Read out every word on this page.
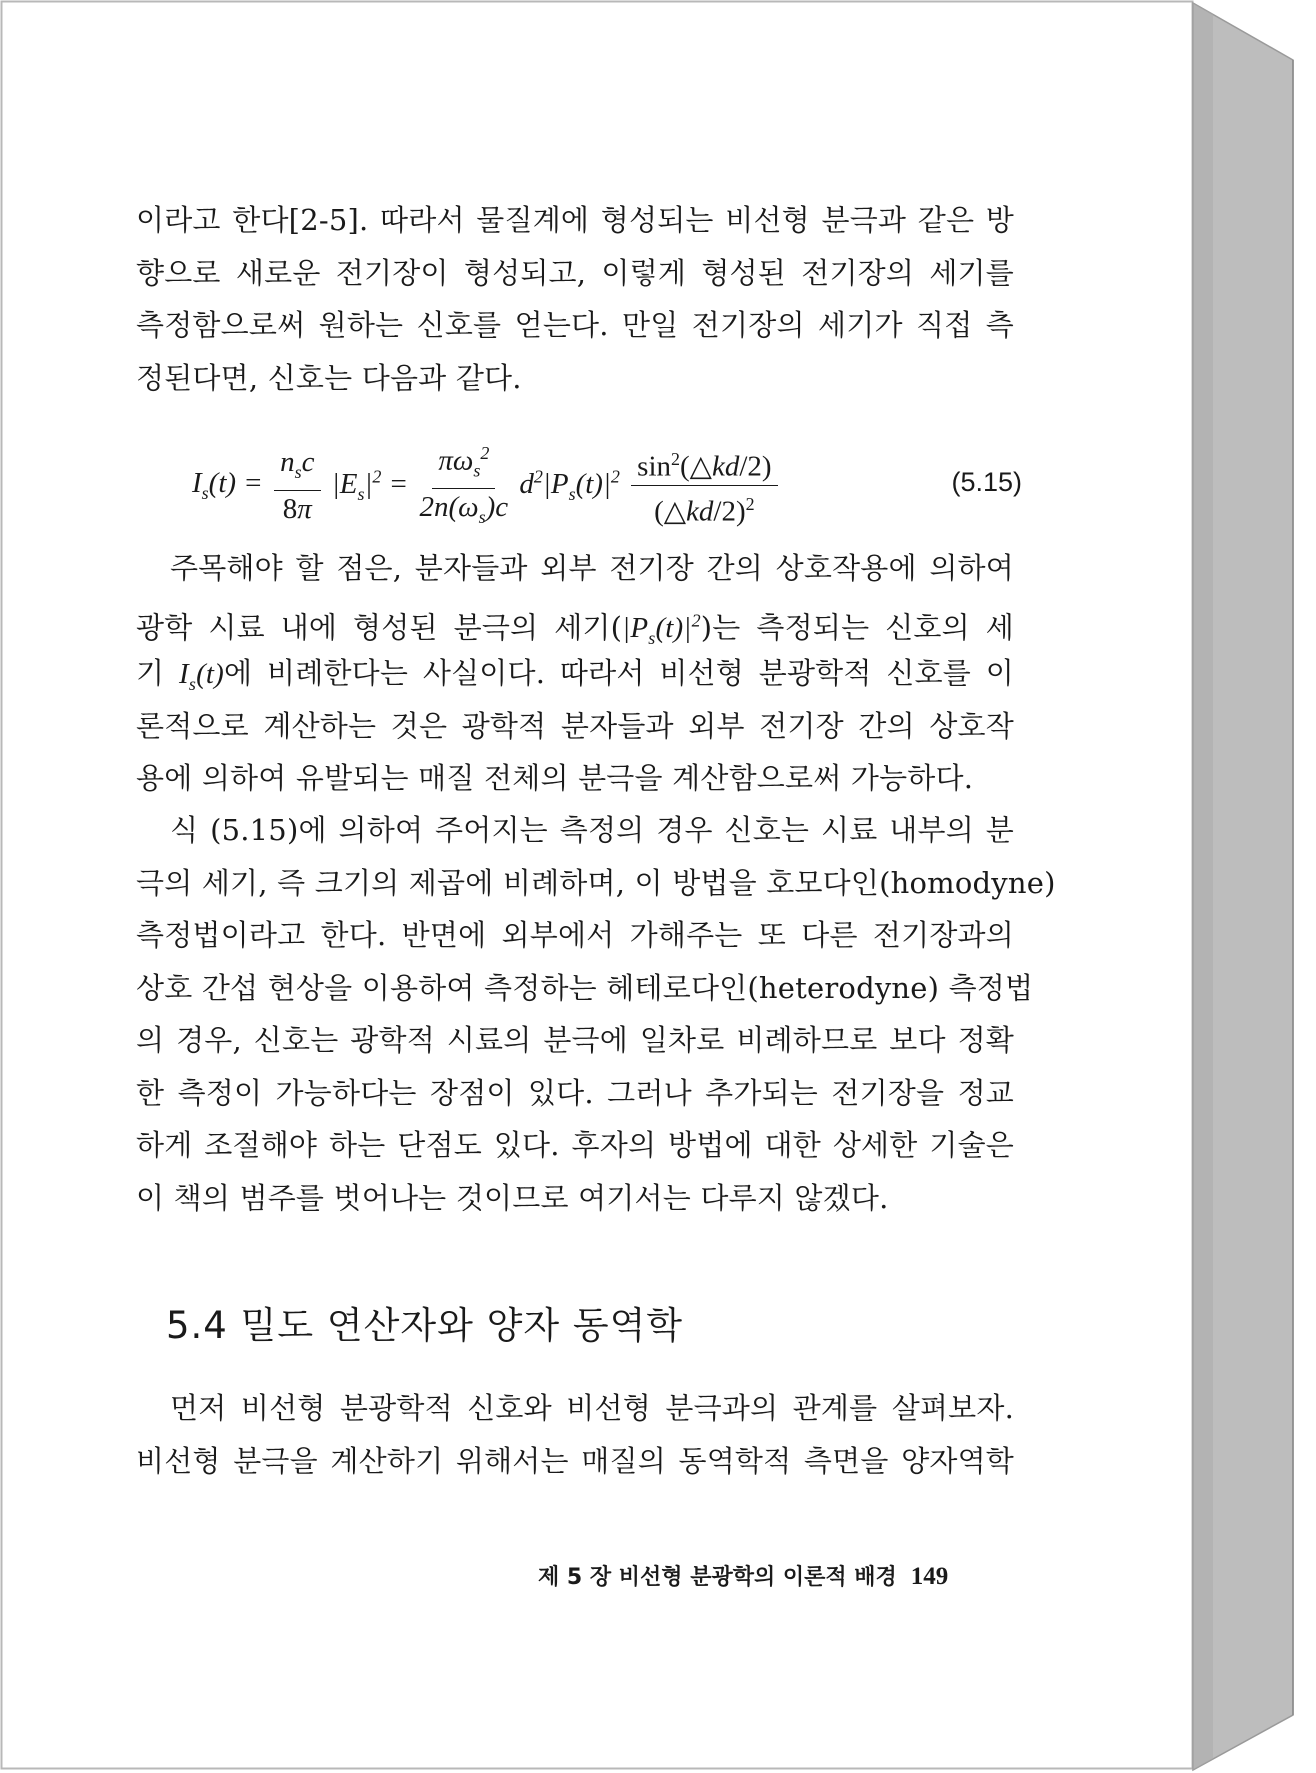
이라고 한다[2-5]. 따라서 물질계에 형성되는 비선형 분극과 같은 방
향으로 새로운 전기장이 형성되고, 이렇게 형성된 전기장의 세기를
측정함으로써 원하는 신호를 얻는다. 만일 전기장의 세기가 직접 측
정된다면, 신호는 다음과 같다.
$I_s(t) = \frac{n_sc}{8\pi} |E_s|^2 = \frac{\pi\omega_s^2}{2n(\omega_s)c} d^2|P_s(t)|^2 \frac{\sin^2(\triangle kd/2)}{(\triangle kd/2)^2}$	(5.15)
주목해야 할 점은, 분자들과 외부 전기장 간의 상호작용에 의하여
광학 시료 내에 형성된 분극의 세기$(|P_s(t)|^2)$는 측정되는 신호의 세
기 $I_s(t)$에 비례한다는 사실이다. 따라서 비선형 분광학적 신호를 이
론적으로 계산하는 것은 광학적 분자들과 외부 전기장 간의 상호작
용에 의하여 유발되는 매질 전체의 분극을 계산함으로써 가능하다.
식 (5.15)에 의하여 주어지는 측정의 경우 신호는 시료 내부의 분
극의 세기, 즉 크기의 제곱에 비례하며, 이 방법을 호모다인(homodyne)
측정법이라고 한다. 반면에 외부에서 가해주는 또 다른 전기장과의
상호 간섭 현상을 이용하여 측정하는 헤테로다인(heterodyne) 측정법
의 경우, 신호는 광학적 시료의 분극에 일차로 비례하므로 보다 정확
한 측정이 가능하다는 장점이 있다. 그러나 추가되는 전기장을 정교
하게 조절해야 하는 단점도 있다. 후자의 방법에 대한 상세한 기술은
이 책의 범주를 벗어나는 것이므로 여기서는 다루지 않겠다.
5.4 밀도 연산자와 양자 동역학
먼저 비선형 분광학적 신호와 비선형 분극과의 관계를 살펴보자.
비선형 분극을 계산하기 위해서는 매질의 동역학적 측면을 양자역학
제 5 장 비선형 분광학의 이론적 배경 149
